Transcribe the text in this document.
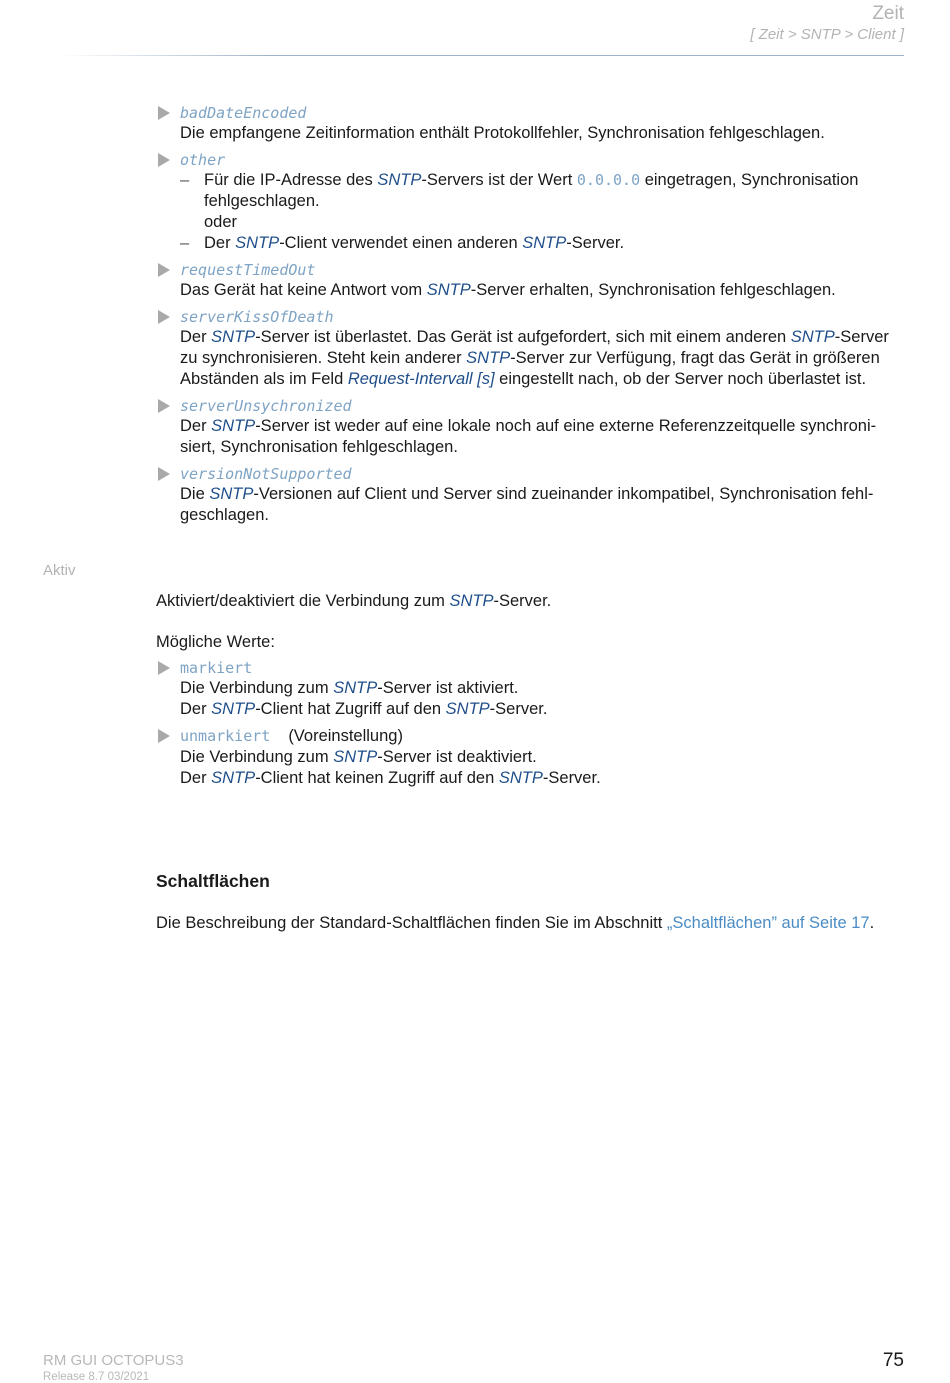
Zeit
[ Zeit > SNTP > Client ]
badDateEncoded
Die empfangene Zeitinformation enthält Protokollfehler, Synchronisation fehlgeschlagen.
other
– Für die IP-Adresse des SNTP-Servers ist der Wert 0.0.0.0 eingetragen, Synchronisation
fehlgeschlagen.
oder
– Der SNTP-Client verwendet einen anderen SNTP-Server.
requestTimedOut
Das Gerät hat keine Antwort vom SNTP-Server erhalten, Synchronisation fehlgeschlagen.
serverKissOfDeath
Der SNTP-Server ist überlastet. Das Gerät ist aufgefordert, sich mit einem anderen SNTP-Server
zu synchronisieren. Steht kein anderer SNTP-Server zur Verfügung, fragt das Gerät in größeren
Abständen als im Feld Request-Intervall [s] eingestellt nach, ob der Server noch überlastet ist.
serverUnsychronized
Der SNTP-Server ist weder auf eine lokale noch auf eine externe Referenzzeitquelle synchroni-
siert, Synchronisation fehlgeschlagen.
versionNotSupported
Die SNTP-Versionen auf Client und Server sind zueinander inkompatibel, Synchronisation fehl-
geschlagen.
Aktiv
Aktiviert/deaktiviert die Verbindung zum SNTP-Server.
Mögliche Werte:
markiert
Die Verbindung zum SNTP-Server ist aktiviert.
Der SNTP-Client hat Zugriff auf den SNTP-Server.
unmarkiert (Voreinstellung)
Die Verbindung zum SNTP-Server ist deaktiviert.
Der SNTP-Client hat keinen Zugriff auf den SNTP-Server.
Schaltflächen
Die Beschreibung der Standard-Schaltflächen finden Sie im Abschnitt „Schaltflächen” auf Seite 17.
RM GUI OCTOPUS3
Release 8.7 03/2021
75
